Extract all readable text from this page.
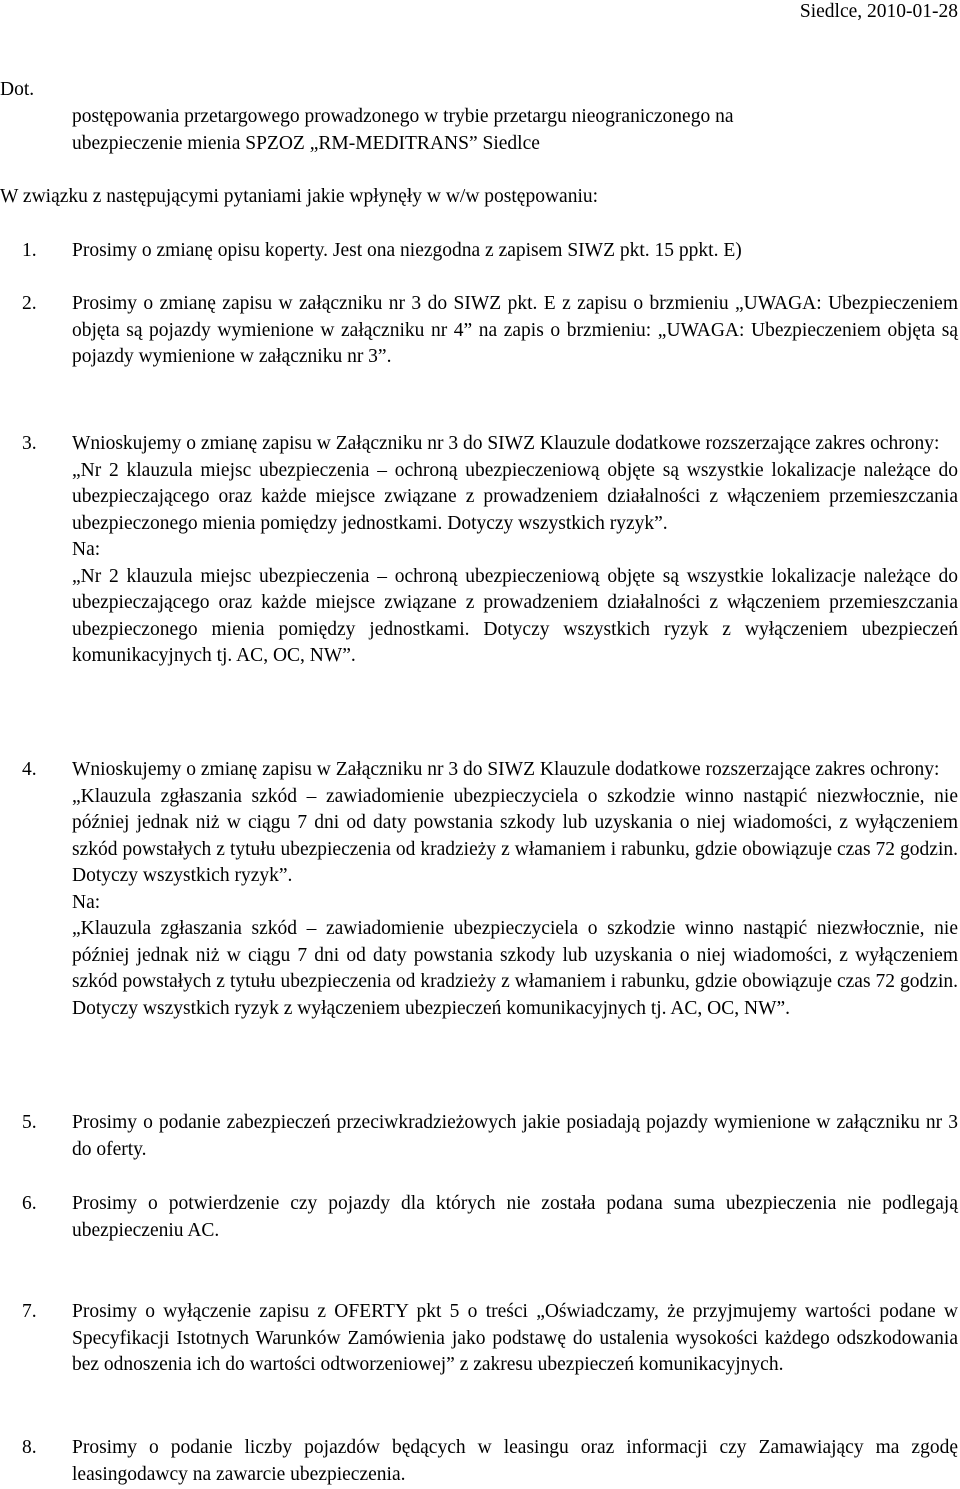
Siedlce, 2010-01-28
Dot.
postępowania przetargowego prowadzonego w trybie przetargu nieograniczonego na
ubezpieczenie mienia SPZOZ „RM-MEDITRANS” Siedlce
W związku z następującymi pytaniami jakie wpłynęły w w/w postępowaniu:
1. Prosimy o zmianę opisu koperty. Jest ona niezgodna z zapisem SIWZ pkt. 15 ppkt. E)

2. Prosimy o zmianę zapisu w załączniku nr 3 do SIWZ pkt. E z zapisu o brzmieniu „UWAGA: Ubezpieczeniem objęta są pojazdy wymienione w załączniku nr 4” na zapis o brzmieniu: „UWAGA: Ubezpieczeniem objęta są pojazdy wymienione w załączniku nr 3”.

3. Wnioskujemy o zmianę zapisu w Załączniku nr 3 do SIWZ Klauzule dodatkowe rozszerzające zakres ochrony:

„Nr 2 klauzula miejsc ubezpieczenia – ochroną ubezpieczeniową objęte są wszystkie lokalizacje należące do ubezpieczającego oraz każde miejsce związane z prowadzeniem działalności z włączeniem przemieszczania ubezpieczonego mienia pomiędzy jednostkami. Dotyczy wszystkich ryzyk”.

Na:

„Nr 2 klauzula miejsc ubezpieczenia – ochroną ubezpieczeniową objęte są wszystkie lokalizacje należące do ubezpieczającego oraz każde miejsce związane z prowadzeniem działalności z włączeniem przemieszczania ubezpieczonego mienia pomiędzy jednostkami. Dotyczy wszystkich ryzyk z wyłączeniem ubezpieczeń komunikacyjnych tj. AC, OC, NW”.

4. Wnioskujemy o zmianę zapisu w Załączniku nr 3 do SIWZ Klauzule dodatkowe rozszerzające zakres ochrony:

„Klauzula zgłaszania szkód – zawiadomienie ubezpieczyciela o szkodzie winno nastąpić niezwłocznie, nie później jednak niż w ciągu 7 dni od daty powstania szkody lub uzyskania o niej wiadomości, z wyłączeniem szkód powstałych z tytułu ubezpieczenia od kradzieży z włamaniem i rabunku, gdzie obowiązuje czas 72 godzin. Dotyczy wszystkich ryzyk”.

Na:

„Klauzula zgłaszania szkód – zawiadomienie ubezpieczyciela o szkodzie winno nastąpić niezwłocznie, nie później jednak niż w ciągu 7 dni od daty powstania szkody lub uzyskania o niej wiadomości, z wyłączeniem szkód powstałych z tytułu ubezpieczenia od kradzieży z włamaniem i rabunku, gdzie obowiązuje czas 72 godzin. Dotyczy wszystkich ryzyk z wyłączeniem ubezpieczeń komunikacyjnych tj. AC, OC, NW”.

5. Prosimy o podanie zabezpieczeń przeciwkradzieżowych jakie posiadają pojazdy wymienione w załączniku nr 3 do oferty.

6. Prosimy o potwierdzenie czy pojazdy dla których nie została podana suma ubezpieczenia nie podlegają ubezpieczeniu AC.

7. Prosimy o wyłączenie zapisu z OFERTY pkt 5 o treści „Oświadczamy, że przyjmujemy wartości podane w Specyfikacji Istotnych Warunków Zamówienia jako podstawę do ustalenia wysokości każdego odszkodowania bez odnoszenia ich do wartości odtworzeniowej” z zakresu ubezpieczeń komunikacyjnych.

8. Prosimy o podanie liczby pojazdów będących w leasingu oraz informacji czy Zamawiający ma zgodę leasingodawcy na zawarcie ubezpieczenia.
